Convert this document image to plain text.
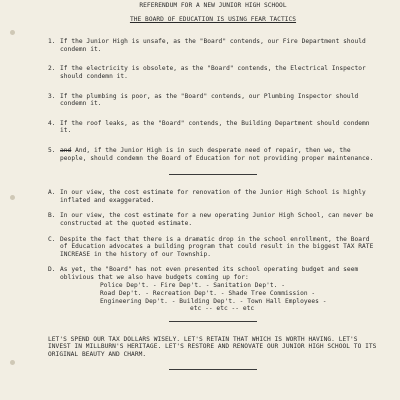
REFERENDUM FOR A NEW JUNIOR HIGH SCHOOL
THE BOARD OF EDUCATION IS USING FEAR TACTICS
1. If the Junior High is unsafe, as the "Board" contends, our Fire Department should condemn it.
2. If the electricity is obsolete, as the "Board" contends, the Electrical Inspector should condemn it.
3. If the plumbing is poor, as the "Board" contends, our Plumbing Inspector should condemn it.
4. If the roof leaks, as the "Board" contends, the Building Department should condemn it.
5. and And, if the Junior High is in such desperate need of repair, then we, the people, should condemn the Board of Education for not providing proper maintenance.
A. In our view, the cost estimate for renovation of the Junior High School is highly inflated and exaggerated.
B. In our view, the cost estimate for a new operating Junior High School, can never be constructed at the quoted estimate.
C. Despite the fact that there is a dramatic drop in the school enrollment, the Board of Education advocates a building program that could result in the biggest TAX RATE INCREASE in the history of our Township.
D. As yet, the "Board" has not even presented its school operating budget and seem oblivious that we also have budgets coming up for:
Police Dep't. - Fire Dep't. - Sanitation Dep't. -
Road Dep't. - Recreation Dep't. - Shade Tree Commission -
Engineering Dep't. - Building Dep't. - Town Hall Employees -
etc -- etc -- etc
LET'S SPEND OUR TAX DOLLARS WISELY. LET'S RETAIN THAT WHICH IS WORTH HAVING. LET'S INVEST IN MILLBURN'S HERITAGE. LET'S RESTORE AND RENOVATE OUR JUNIOR HIGH SCHOOL TO ITS ORIGINAL BEAUTY AND CHARM.
